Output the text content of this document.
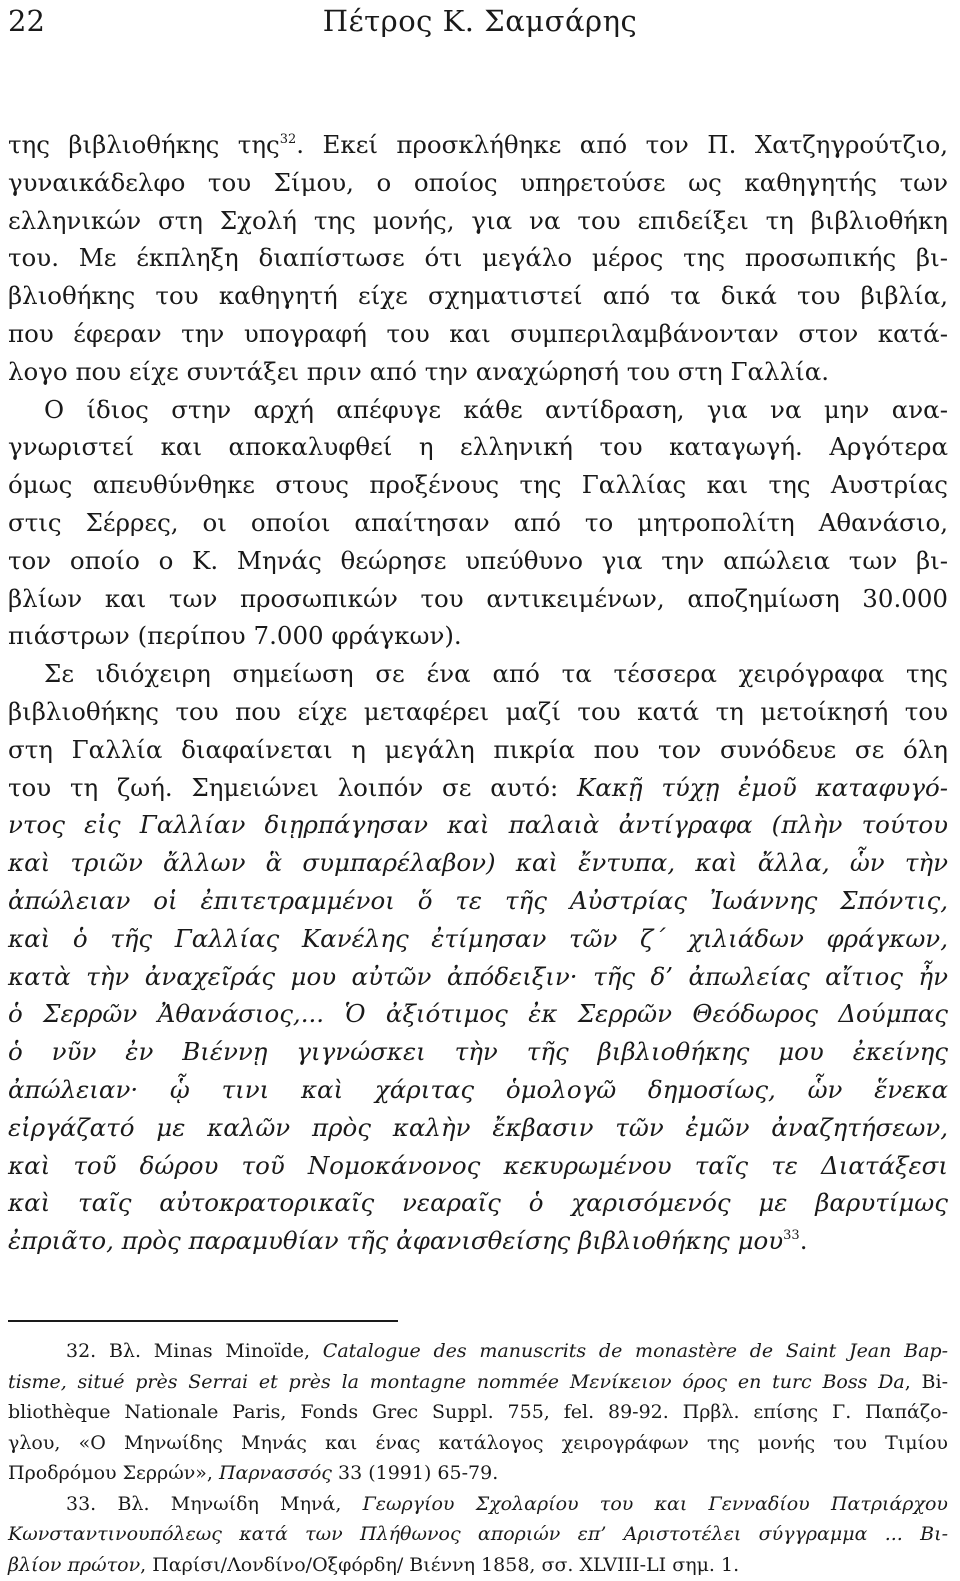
22	Πέτρος Κ. Σαμσάρης
της βιβλιοθήκης της$^{32}$. Εκεί προσκλήθηκε από τον Π. Χατζηγρούτζιο,
γυναικάδελφο του Σίμου, ο οποίος υπηρετούσε ως καθηγητής των
ελληνικών στη Σχολή της μονής, για να του επιδείξει τη βιβλιοθήκη
του. Με έκπληξη διαπίστωσε ότι μεγάλο μέρος της προσωπικής βι-
βλιοθήκης του καθηγητή είχε σχηματιστεί από τα δικά του βιβλία,
που έφεραν την υπογραφή του και συμπεριλαμβάνονταν στον κατά-
λογο που είχε συντάξει πριν από την αναχώρησή του στη Γαλλία.
Ο ίδιος στην αρχή απέφυγε κάθε αντίδραση, για να μην ανα-
γνωριστεί και αποκαλυφθεί η ελληνική του καταγωγή. Αργότερα
όμως απευθύνθηκε στους προξένους της Γαλλίας και της Αυστρίας
στις Σέρρες, οι οποίοι απαίτησαν από το μητροπολίτη Αθανάσιο,
τον οποίο ο Κ. Μηνάς θεώρησε υπεύθυνο για την απώλεια των βι-
βλίων και των προσωπικών του αντικειμένων, αποζημίωση 30.000
πιάστρων (περίπου 7.000 φράγκων).
Σε ιδιόχειρη σημείωση σε ένα από τα τέσσερα χειρόγραφα της
βιβλιοθήκης του που είχε μεταφέρει μαζί του κατά τη μετοίκησή του
στη Γαλλία διαφαίνεται η μεγάλη πικρία που τον συνόδευε σε όλη
του τη ζωή. Σημειώνει λοιπόν σε αυτό: Κακῇ τύχῃ ἐμοῦ καταφυγό-
ντος εἰς Γαλλίαν διῃρπάγησαν καὶ παλαιὰ ἀντίγραφα (πλὴν τούτου
καὶ τριῶν ἄλλων ἃ συμπαρέλαβον) καὶ ἔντυπα, καὶ ἄλλα, ὧν τὴν
ἀπώλειαν οἱ ἐπιτετραμμένοι ὅ τε τῆς Αὐστρίας Ἰωάννης Σπόντις,
καὶ ὁ τῆς Γαλλίας Κανέλης ἐτίμησαν τῶν ζ΄ χιλιάδων φράγκων,
κατὰ τὴν ἀναχεῖράς μου αὐτῶν ἀπόδειξιν· τῆς δ’ ἀπωλείας αἴτιος ἦν
ὁ Σερρῶν Ἀθανάσιος,... Ὁ ἀξιότιμος ἐκ Σερρῶν Θεόδωρος Δούμπας
ὁ νῦν ἐν Βιέννῃ γιγνώσκει τὴν τῆς βιβλιοθήκης μου ἐκείνης
ἀπώλειαν· ᾧ τινι καὶ χάριτας ὁμολογῶ δημοσίως, ὧν ἕνεκα
εἰργάζατό με καλῶν πρὸς καλὴν ἔκβασιν τῶν ἐμῶν ἀναζητήσεων,
καὶ τοῦ δώρου τοῦ Νομοκάνονος κεκυρωμένου ταῖς τε Διατάξεσι
καὶ ταῖς αὐτοκρατορικαῖς νεαραῖς ὁ χαρισόμενός με βαρυτίμως
ἐπριᾶτο, πρὸς παραμυθίαν τῆς ἀφανισθείσης βιβλιοθήκης μου$^{33}$.
32. Βλ. Minas Minoïde, Catalogue des manuscrits de monastère de Saint Jean Bap-
tisme, situé près Serrai et près la montagne nommée Μενίκειον όρος en turc Boss Da, Bi-
bliothèque Nationale Paris, Fonds Grec Suppl. 755, fel. 89-92. Πρβλ. επίσης Γ. Παπάζο-
γλου, «Ο Μηνωίδης Μηνάς και ένας κατάλογος χειρογράφων της μονής του Τιμίου
Προδρόμου Σερρών», Παρνασσός 33 (1991) 65-79.
33. Βλ. Μηνωίδη Μηνά, Γεωργίου Σχολαρίου του και Γενναδίου Πατριάρχου
Κωνσταντινουπόλεως κατά των Πλήθωνος αποριών επ’ Αριστοτέλει σύγγραμμα ... Βι-
βλίον πρώτον, Παρίσι/Λονδίνο/Οξφόρδη/ Βιέννη 1858, σσ. XLVIII-LI σημ. 1.
